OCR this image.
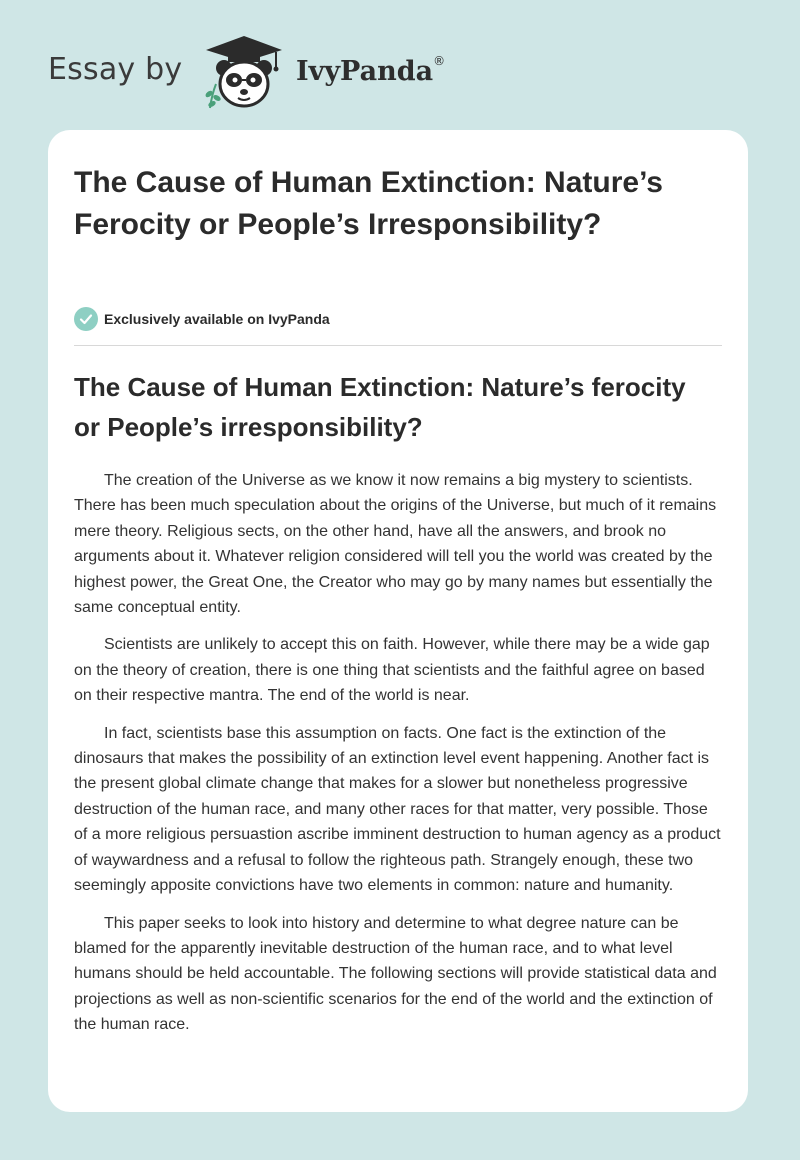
Essay by	IvyPanda®
The Cause of Human Extinction: Nature’s Ferocity or People’s Irresponsibility?
Exclusively available on IvyPanda
The Cause of Human Extinction: Nature’s ferocity or People’s irresponsibility?

The creation of the Universe as we know it now remains a big mystery to scientists. There has been much speculation about the origins of the Universe, but much of it remains mere theory. Religious sects, on the other hand, have all the answers, and brook no arguments about it. Whatever religion considered will tell you the world was created by the highest power, the Great One, the Creator who may go by many names but essentially the same conceptual entity.

Scientists are unlikely to accept this on faith. However, while there may be a wide gap on the theory of creation, there is one thing that scientists and the faithful agree on based on their respective mantra. The end of the world is near.

In fact, scientists base this assumption on facts. One fact is the extinction of the dinosaurs that makes the possibility of an extinction level event happening. Another fact is the present global climate change that makes for a slower but nonetheless progressive destruction of the human race, and many other races for that matter, very possible. Those of a more religious persuastion ascribe imminent destruction to human agency as a product of waywardness and a refusal to follow the righteous path. Strangely enough, these two seemingly apposite convictions have two elements in common: nature and humanity.

This paper seeks to look into history and determine to what degree nature can be blamed for the apparently inevitable destruction of the human race, and to what level humans should be held accountable. The following sections will provide statistical data and projections as well as non-scientific scenarios for the end of the world and the extinction of the human race.
